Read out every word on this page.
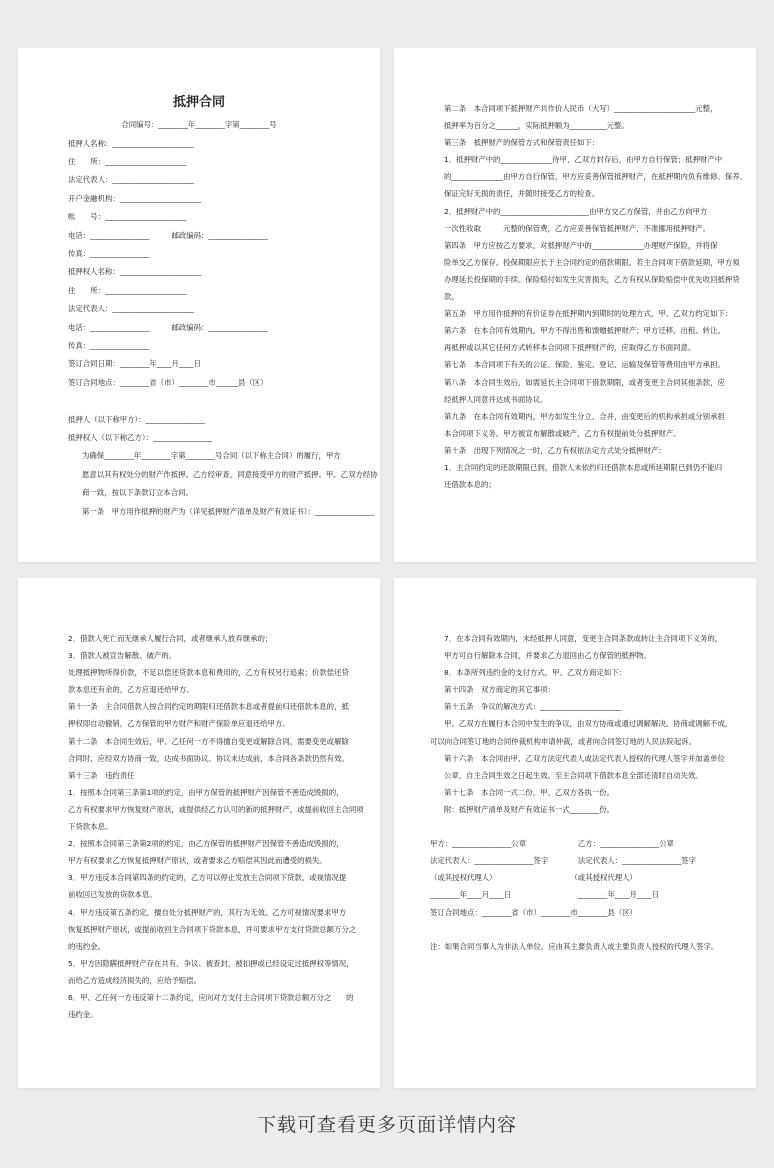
抵押合同
合同编号：________年________字第________号
抵押人名称：______________________
住　　所：______________________
法定代表人：______________________
开户金融机构：______________________
帐　　号：______________________
电话：________________　　　邮政编码：________________
传真：________________
抵押权人名称：______________________
住　　所：______________________
法定代表人：______________________
电话：________________　　　邮政编码：________________
传真：________________
签订合同日期：________年____月____日
签订合同地点：________省（市）________市______县（区）
抵押人（以下称甲方）：________________
抵押权人（以下称乙方）：________________
为确保________年________字第________号合同（以下称主合同）的履行，甲方
愿意以其有权处分的财产作抵押。乙方经审查，同意接受甲方的财产抵押。甲、乙双方经协
商一致，按以下条款订立本合同。
第一条　甲方用作抵押的财产为（详见抵押财产清单及财产有效证书）：________________
第二条　本合同项下抵押财产共作价人民币（大写）______________________元整，
抵押率为百分之______，实际抵押额为__________元整。
第三条　抵押财产的保管方式和保管责任如下：
1．抵押财产中的______________待甲、乙双方封存后，由甲方自行保管；抵押财产中
的______________由甲方自行保管，甲方应妥善保管抵押财产，在抵押期内负有维修、保养、
保证完好无损的责任，并随时接受乙方的检查。
2．抵押财产中的________________________由甲方交乙方保管，并由乙方向甲方
一次性收取　　　元整的保管费，乙方应妥善保管抵押财产，不准挪用抵押财产。
第四条　甲方应按乙方要求，对抵押财产中的______________办理财产保险，并将保
险单交乙方保存。投保期限应长于主合同约定的借款期限。若主合同项下借款延期，甲方须
办理延长投保期的手续。保险赔付如发生灾害损失，乙方有权从保险赔偿中优先收回抵押贷
款。
第五条　甲方用作抵押的有价证券在抵押期内到期时的处理方式，甲、乙双方约定如下：
第六条　在本合同有效期内，甲方不得出售和馈赠抵押财产；甲方迁移、出租、转让、
再抵押或以其它任何方式转移本合同项下抵押财产的，应取得乙方书面同意。
第七条　本合同项下有关的公证、保险、鉴定、登记、运输及保管等费用由甲方承担。
第八条　本合同生效后，如需延长主合同项下借款期限，或者变更主合同其他条款，应
经抵押人同意并达成书面协议。
第九条　在本合同有效期内，甲方如发生分立、合并，由变更后的机构承担或分别承担
本合同项下义务。甲方被宣布解散或破产，乙方有权提前处分抵押财产。
第十条　出现下列情况之一时，乙方有权依法定方式处分抵押财产：
1．主合同约定的还款期限已到，借款人未依约归还借款本息或所延期限已到仍不能归
还借款本息的；
2．借款人死亡而无继承人履行合同，或者继承人放弃继承的；
3．借款人被宣告解散、破产的。
处理抵押物所得价款，不足以偿还贷款本息和费用的，乙方有权另行追索；价款偿还贷
款本息还有余的，乙方应退还给甲方。
第十一条　主合同借款人按合同约定的期限归还借款本息或者提前归还借款本息的，抵
押权即自动撤销，乙方保管的甲方财产和财产保险单应退还给甲方。
第十二条　本合同生效后，甲、乙任何一方不得擅自变更或解除合同，需要变更或解除
合同时，应经双方协商一致，达成书面协议。协议未达成前，本合同各条款仍然有效。
第十三条　违约责任
1．按照本合同第三条第1项的约定，由甲方保管的抵押财产因保管不善造成毁损的，
乙方有权要求甲方恢复财产原状，或提供经乙方认可的新的抵押财产，或提前收回主合同项
下贷款本息。
2．按照本合同第三条第2项的约定，由乙方保管的抵押财产因保管不善造成毁损的，
甲方有权要求乙方恢复抵押财产原状，或者要求乙方赔偿其因此而遭受的损失。
3．甲方违反本合同第四条的约定的，乙方可以停止发放主合同项下贷款，或视情况提
前收回已发放的贷款本息。
4．甲方违反第五条约定，擅自处分抵押财产的，其行为无效。乙方可视情况要求甲方
恢复抵押财产原状，或提前收回主合同项下贷款本息，并可要求甲方支付贷款总额万分之
的违约金。
5．甲方因隐瞒抵押财产存在共有、争议、被查封、被扣押或已经设定过抵押权等情况，
而给乙方造成经济损失的，应给予赔偿。
6．甲、乙任何一方违反第十二条约定，应向对方支付主合同项下贷款总额万分之　　的
违约金。
7．在本合同有效期内，未经抵押人同意，变更主合同条款或转让主合同项下义务的，
甲方可自行解除本合同，并要求乙方退回由乙方保管的抵押物。
8．本条所列违约金的支付方式，甲、乙双方商定如下：
第十四条　双方商定的其它事项：
第十五条　争议的解决方式：______________________
甲、乙双方在履行本合同中发生的争议，由双方协商或通过调解解决。协商或调解不成，
可以向合同签订地的合同仲裁机构申请仲裁，或者向合同签订地的人民法院起诉。
第十六条　本合同由甲、乙双方法定代表人或法定代表人授权的代理人签字并加盖单位
公章，自主合同生效之日起生效。至主合同项下借款本息全部还清时自动失效。
第十七条　本合同一式二份，甲、乙双方各执一份。
附：抵押财产清单及财产有效证书一式________份。
甲方：________________公章　　　　　　　乙方：________________公章
法定代表人：________________签字　　　　法定代表人：________________签字
（或其授权代理人）　　　　　　　　　　　（或其授权代理人）
________年____月____日　　　　　　　　　________年____月____日
签订合同地点：________省（市）________市________县（区）
注：如果合同当事人为非法人单位，应由其主要负责人或主要负责人授权的代理人签字。
下载可查看更多页面详情内容
